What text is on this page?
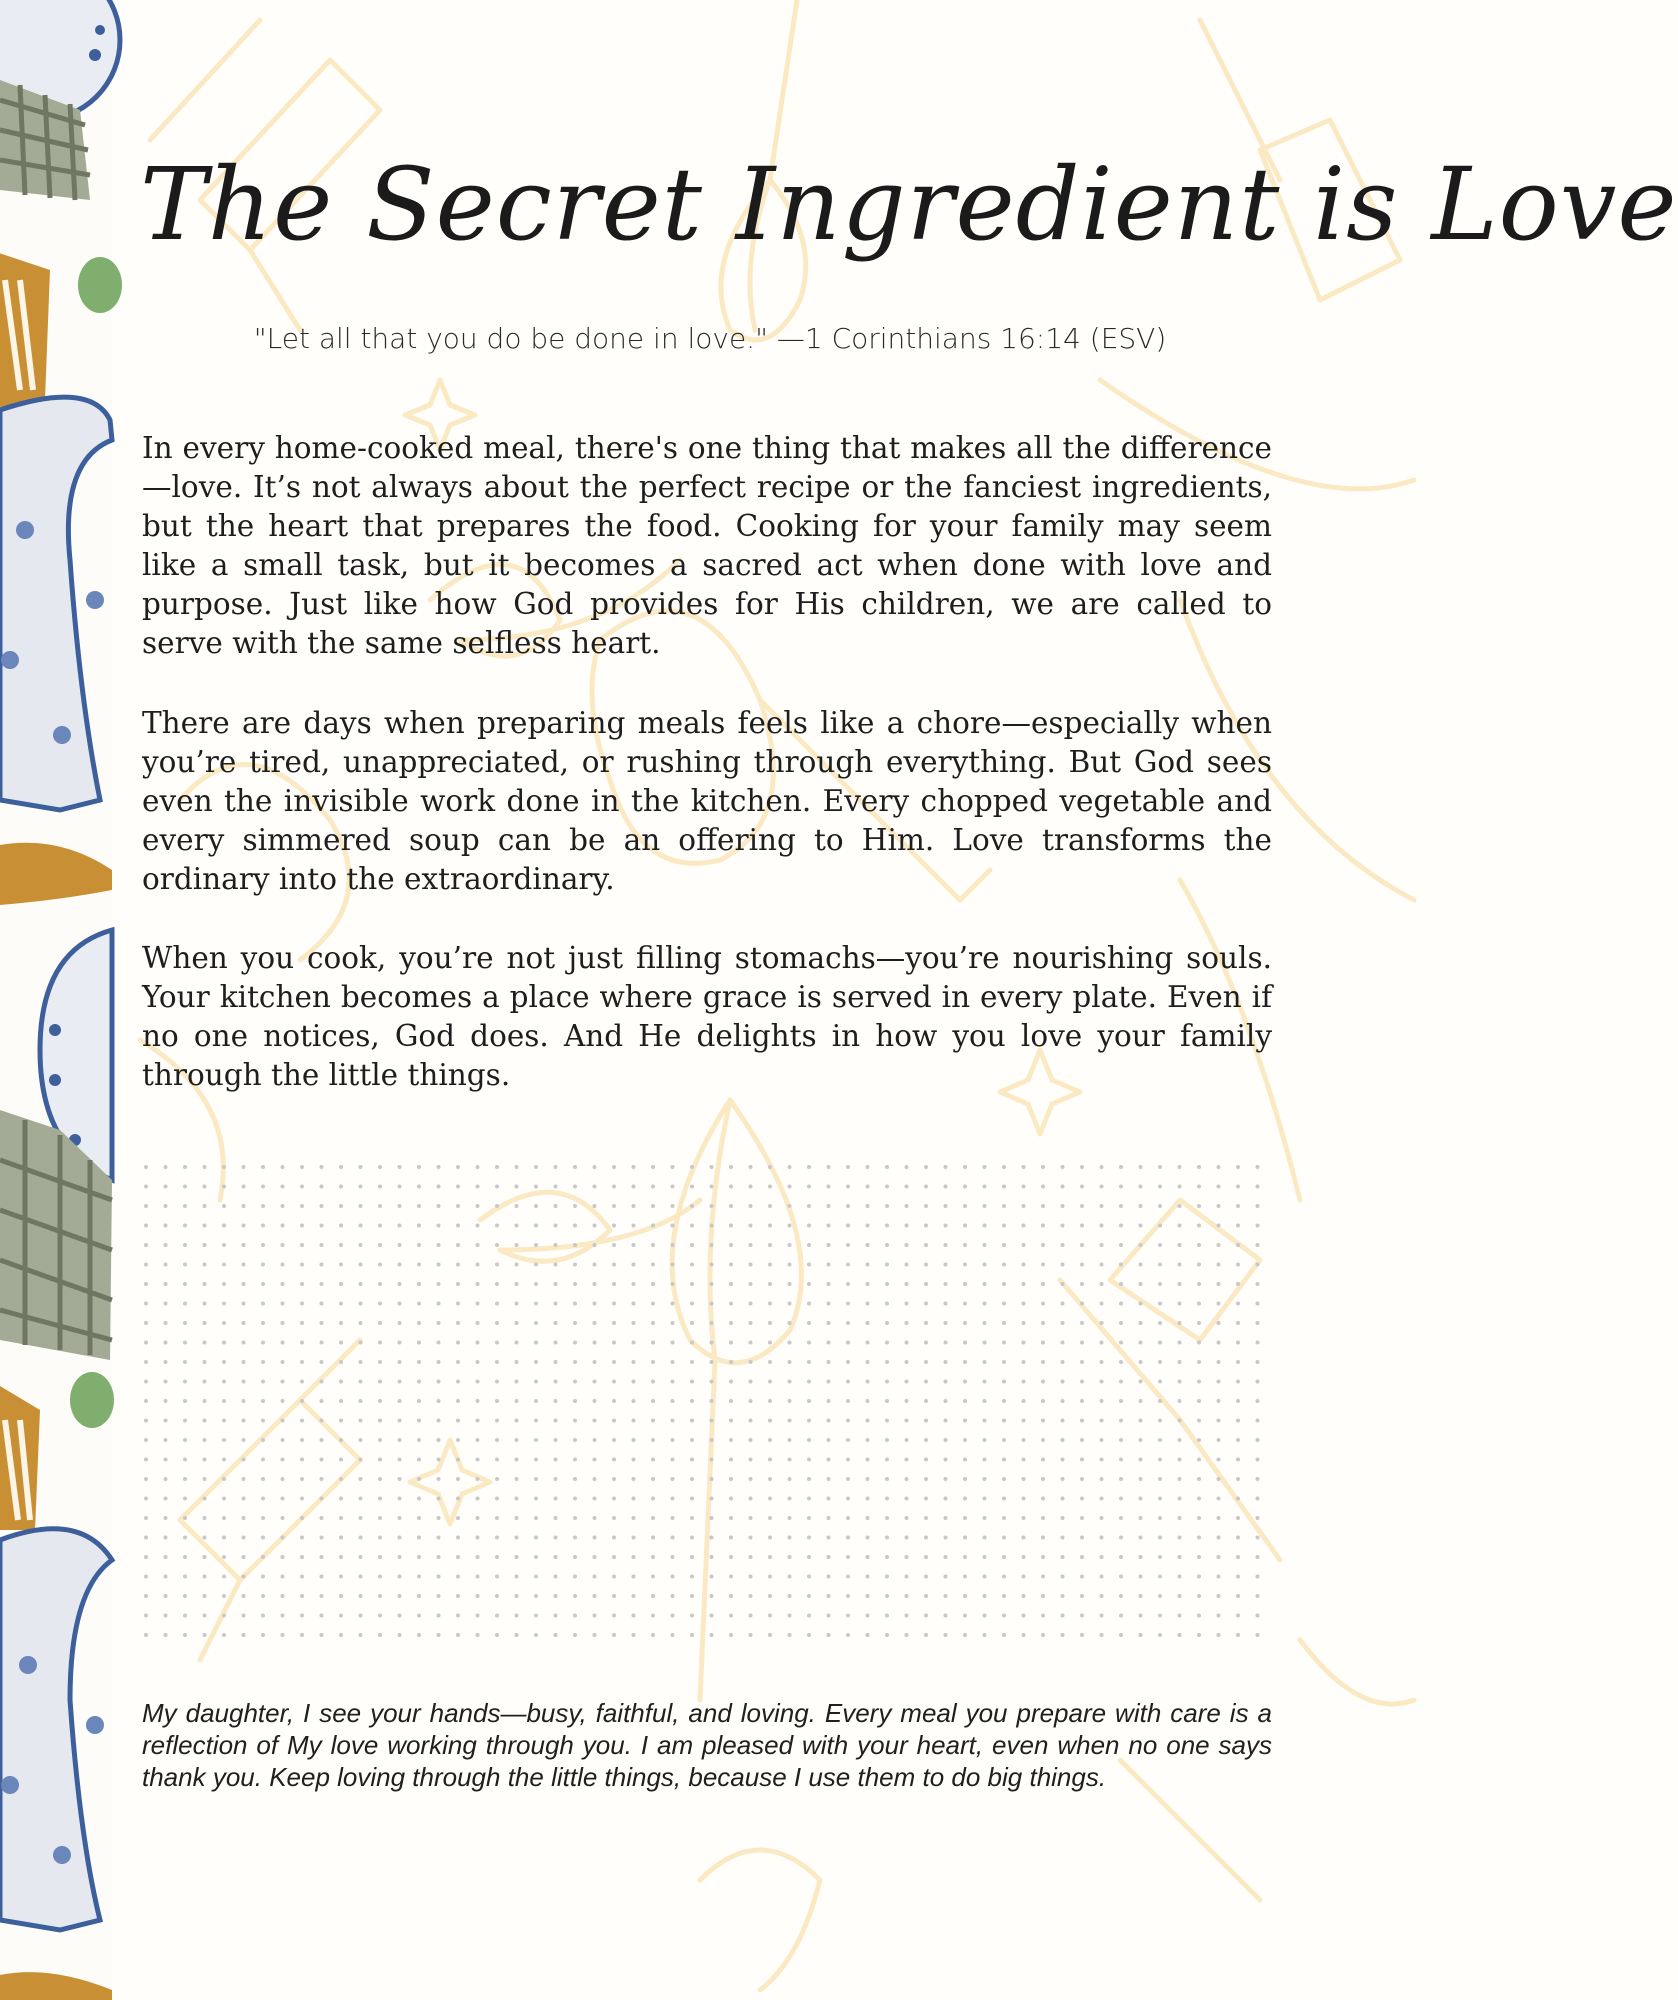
The Secret Ingredient is Love
"Let all that you do be done in love." —1 Corinthians 16:14 (ESV)

In every home-cooked meal, there's one thing that makes all the difference—love. It’s not always about the perfect recipe or the fanciest ingredients, but the heart that prepares the food. Cooking for your family may seem like a small task, but it becomes a sacred act when done with love and purpose. Just like how God provides for His children, we are called to serve with the same selfless heart.

There are days when preparing meals feels like a chore—especially when you’re tired, unappreciated, or rushing through everything. But God sees even the invisible work done in the kitchen. Every chopped vegetable and every simmered soup can be an offering to Him. Love transforms the ordinary into the extraordinary.

When you cook, you’re not just filling stomachs—you’re nourishing souls. Your kitchen becomes a place where grace is served in every plate. Even if no one notices, God does. And He delights in how you love your family through the little things.

My daughter, I see your hands—busy, faithful, and loving. Every meal you prepare with care is a reflection of My love working through you. I am pleased with your heart, even when no one says thank you. Keep loving through the little things, because I use them to do big things.
